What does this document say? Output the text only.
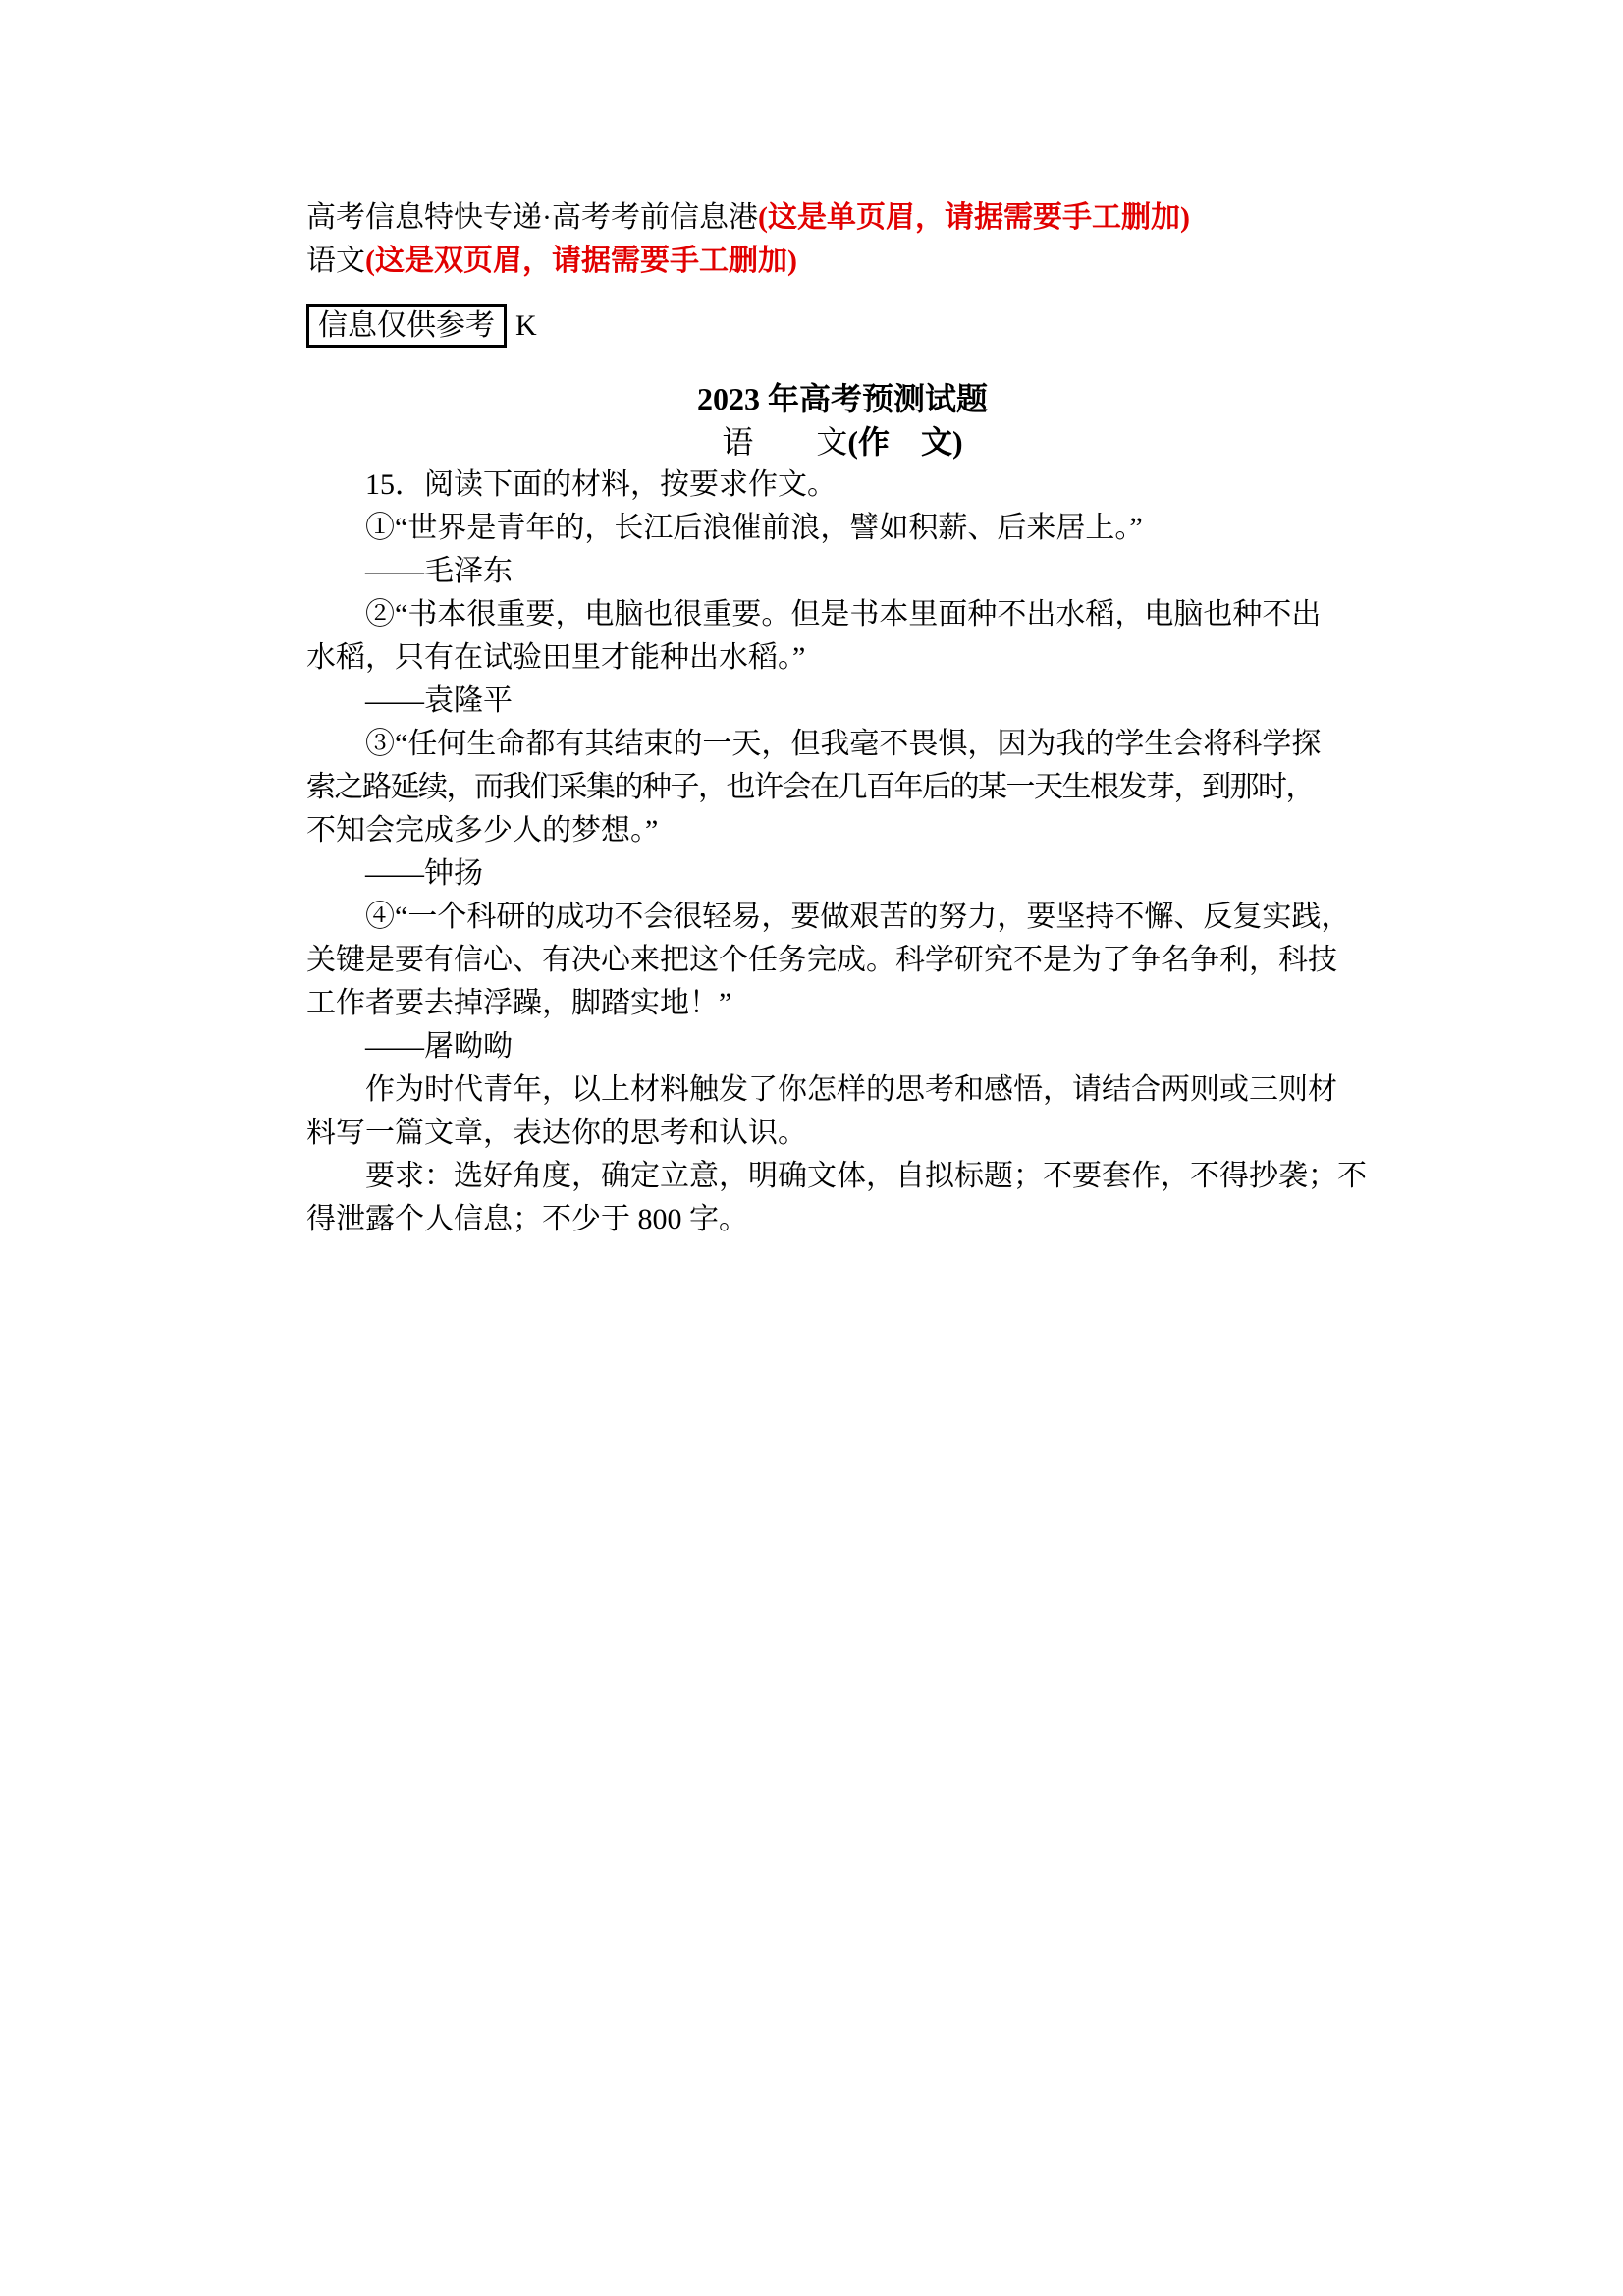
高考信息特快专递·高考考前信息港(这是单页眉，请据需要手工删加)
语文(这是双页眉，请据需要手工删加)
信息仅供参考 K
2023 年高考预测试题
语　　文(作　文)
15．阅读下面的材料，按要求作文。
①“世界是青年的，长江后浪催前浪，譬如积薪、后来居上。”
——毛泽东
②“书本很重要，电脑也很重要。但是书本里面种不出水稻，电脑也种不出
水稻，只有在试验田里才能种出水稻。”
——袁隆平
③“任何生命都有其结束的一天，但我毫不畏惧，因为我的学生会将科学探
索之路延续，而我们采集的种子，也许会在几百年后的某一天生根发芽，到那时，
不知会完成多少人的梦想。”
——钟扬
④“一个科研的成功不会很轻易，要做艰苦的努力，要坚持不懈、反复实践，
关键是要有信心、有决心来把这个任务完成。科学研究不是为了争名争利，科技
工作者要去掉浮躁，脚踏实地！”
——屠呦呦
作为时代青年，以上材料触发了你怎样的思考和感悟，请结合两则或三则材
料写一篇文章，表达你的思考和认识。
要求：选好角度，确定立意，明确文体，自拟标题；不要套作，不得抄袭；不
得泄露个人信息；不少于 800 字。
